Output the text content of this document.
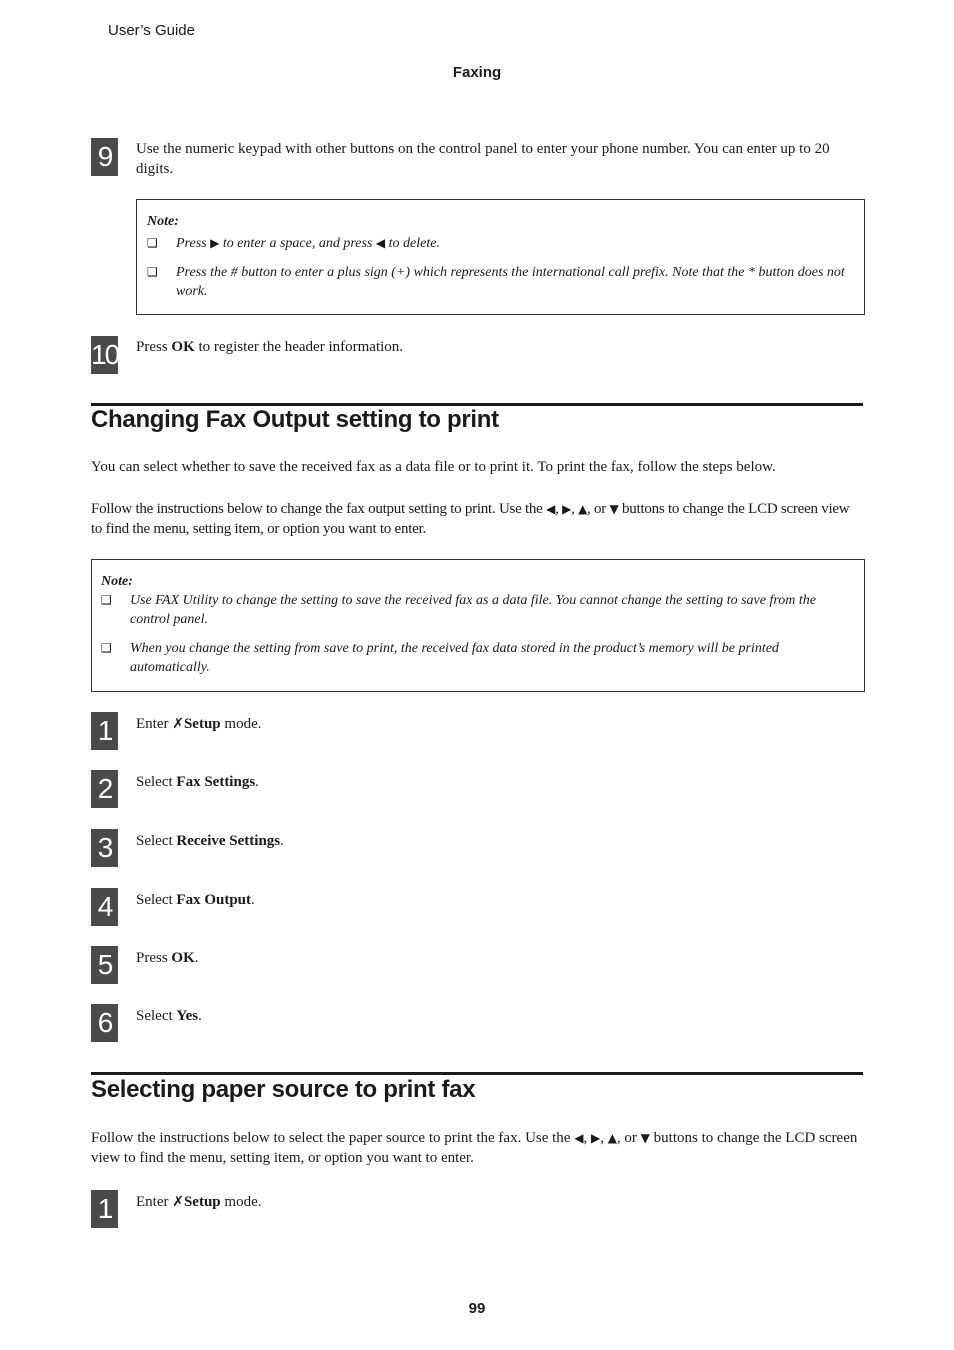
User’s Guide
Faxing
9	Use the numeric keypad with other buttons on the control panel to enter your phone number. You can enter up to 20 digits.
Note:
❑ Press ▶ to enter a space, and press ◀ to delete.
❑ Press the # button to enter a plus sign (+) which represents the international call prefix. Note that the * button does not work.
10 Press OK to register the header information.
Changing Fax Output setting to print
You can select whether to save the received fax as a data file or to print it. To print the fax, follow the steps below.
Follow the instructions below to change the fax output setting to print. Use the ◀, ▶, ▲, or ▼ buttons to change the LCD screen view to find the menu, setting item, or option you want to enter.
Note:
❑ Use FAX Utility to change the setting to save the received fax as a data file. You cannot change the setting to save from the control panel.
❑ When you change the setting from save to print, the received fax data stored in the product’s memory will be printed automatically.
1	Enter ✗Setup mode.
2	Select Fax Settings.
3	Select Receive Settings.
4	Select Fax Output.
5	Press OK.
6	Select Yes.
Selecting paper source to print fax
Follow the instructions below to select the paper source to print the fax. Use the ◀, ▶, ▲, or ▼ buttons to change the LCD screen view to find the menu, setting item, or option you want to enter.
1	Enter ✗Setup mode.
99
